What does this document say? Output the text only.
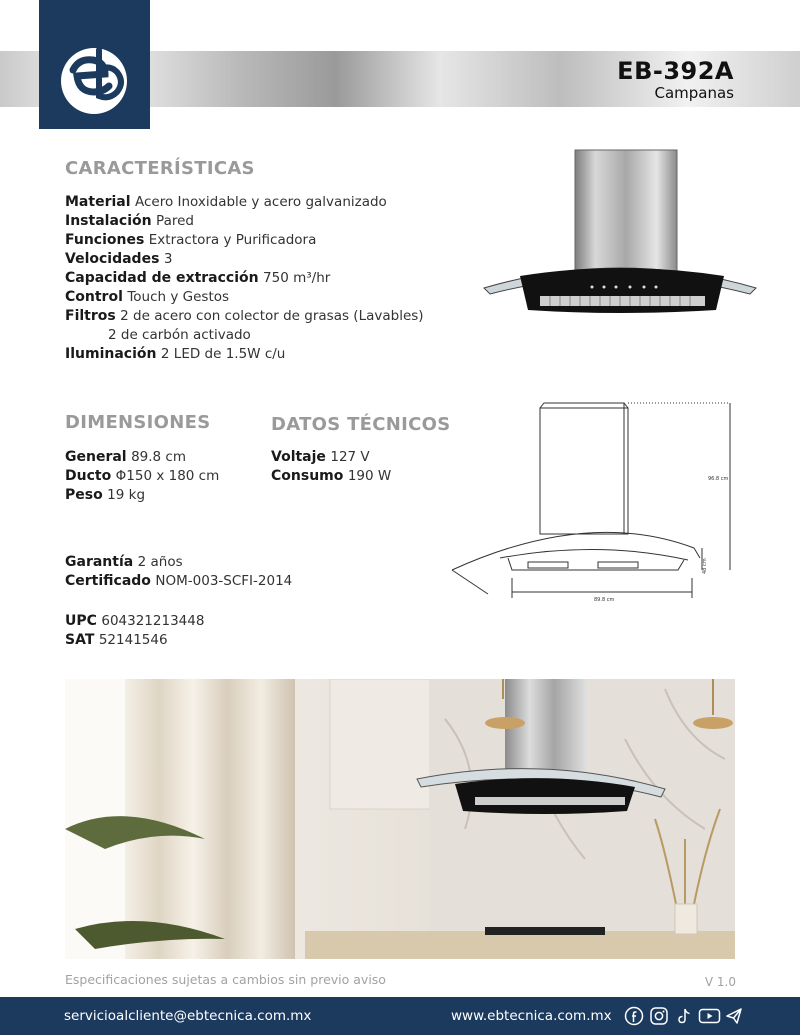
EB-392A
Campanas
CARACTERÍSTICAS
Material Acero Inoxidable y acero galvanizado
Instalación Pared
Funciones Extractora y Purificadora
Velocidades 3
Capacidad de extracción 750 m³/hr
Control Touch y Gestos
Filtros 2 de acero con colector de grasas (Lavables)
2 de carbón activado
Iluminación 2 LED de 1.5W c/u
DIMENSIONES	DATOS TÉCNICOS
General 89.8 cm
Ducto Φ150 x 180 cm
Peso 19 kg
Voltaje 127 V
Consumo 190 W	96.8 cm
89.8 cm
48 cm
Garantía 2 años
Certificado NOM-003-SCFI-2014
UPC 604321213448
SAT 52141546
Especificaciones sujetas a cambios sin previo aviso	V 1.0
servicioalcliente@ebtecnica.com.mx	www.ebtecnica.com.mx
